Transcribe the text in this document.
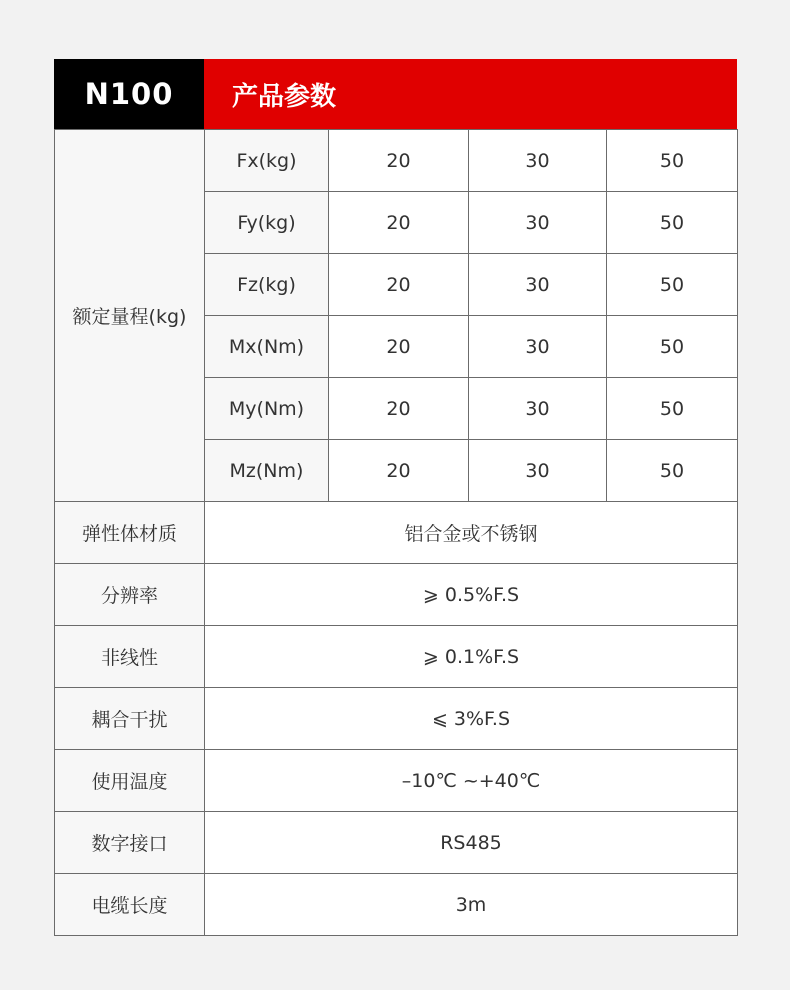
N100	产品参数
额定量程(kg)	Fx(kg)	20	30	50
	Fy(kg)	20	30	50
	Fz(kg)	20	30	50
	Mx(Nm)	20	30	50
	My(Nm)	20	30	50
	Mz(Nm)	20	30	50
弹性体材质	铝合金或不锈钢			
分辨率	⩾ 0.5%F.S			
非线性	⩾ 0.1%F.S			
耦合干扰	⩽ 3%F.S			
使用温度	–10℃ ~+40℃			
数字接口	RS485			
电缆长度	3m			
